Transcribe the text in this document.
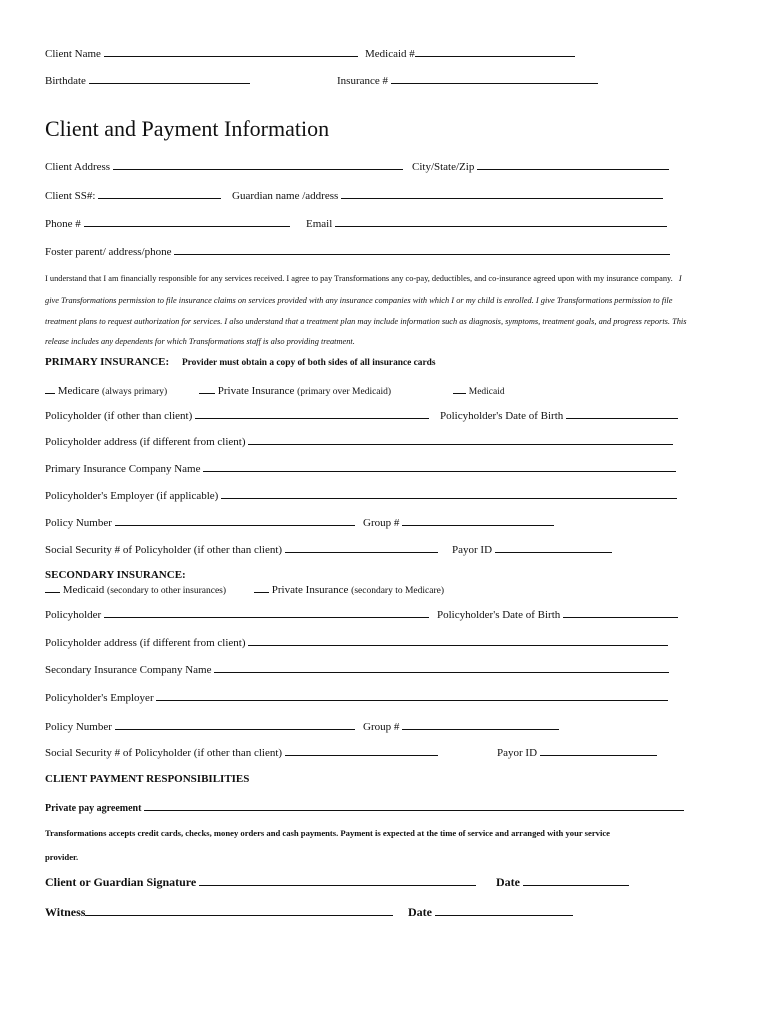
Client Name	Medicaid #
Birthdate	Insurance #
Client and Payment Information
Client Address	City/State/Zip
Client SS#:	Guardian name /address
Phone #	Email
Foster parent/ address/phone
I understand that I am financially responsible for any services received. I agree to pay Transformations any co-pay, deductibles, and co-insurance agreed upon with my insurance company. I
give Transformations permission to file insurance claims on services provided with any insurance companies with which I or my child is enrolled. I give Transformations permission to file
treatment plans to request authorization for services. I also understand that a treatment plan may include information such as diagnosis, symptoms, treatment goals, and progress reports. This
release includes any dependents for which Transformations staff is also providing treatment.
PRIMARY INSURANCE: Provider must obtain a copy of both sides of all insurance cards
Medicare (always primary)	Private Insurance (primary over Medicaid)	Medicaid
Policyholder (if other than client)	Policyholder's Date of Birth
Policyholder address (if different from client)
Primary Insurance Company Name
Policyholder's Employer (if applicable)
Policy Number	Group #
Social Security # of Policyholder (if other than client)	Payor ID
SECONDARY INSURANCE:
Medicaid (secondary to other insurances)	Private Insurance (secondary to Medicare)
Policyholder	Policyholder's Date of Birth
Policyholder address (if different from client)
Secondary Insurance Company Name
Policyholder's Employer
Policy Number	Group #
Social Security # of Policyholder (if other than client)	Payor ID
CLIENT PAYMENT RESPONSIBILITIES
Private pay agreement
Transformations accepts credit cards, checks, money orders and cash payments. Payment is expected at the time of service and arranged with your service
provider.
Client or Guardian Signature	Date
Witness	Date
